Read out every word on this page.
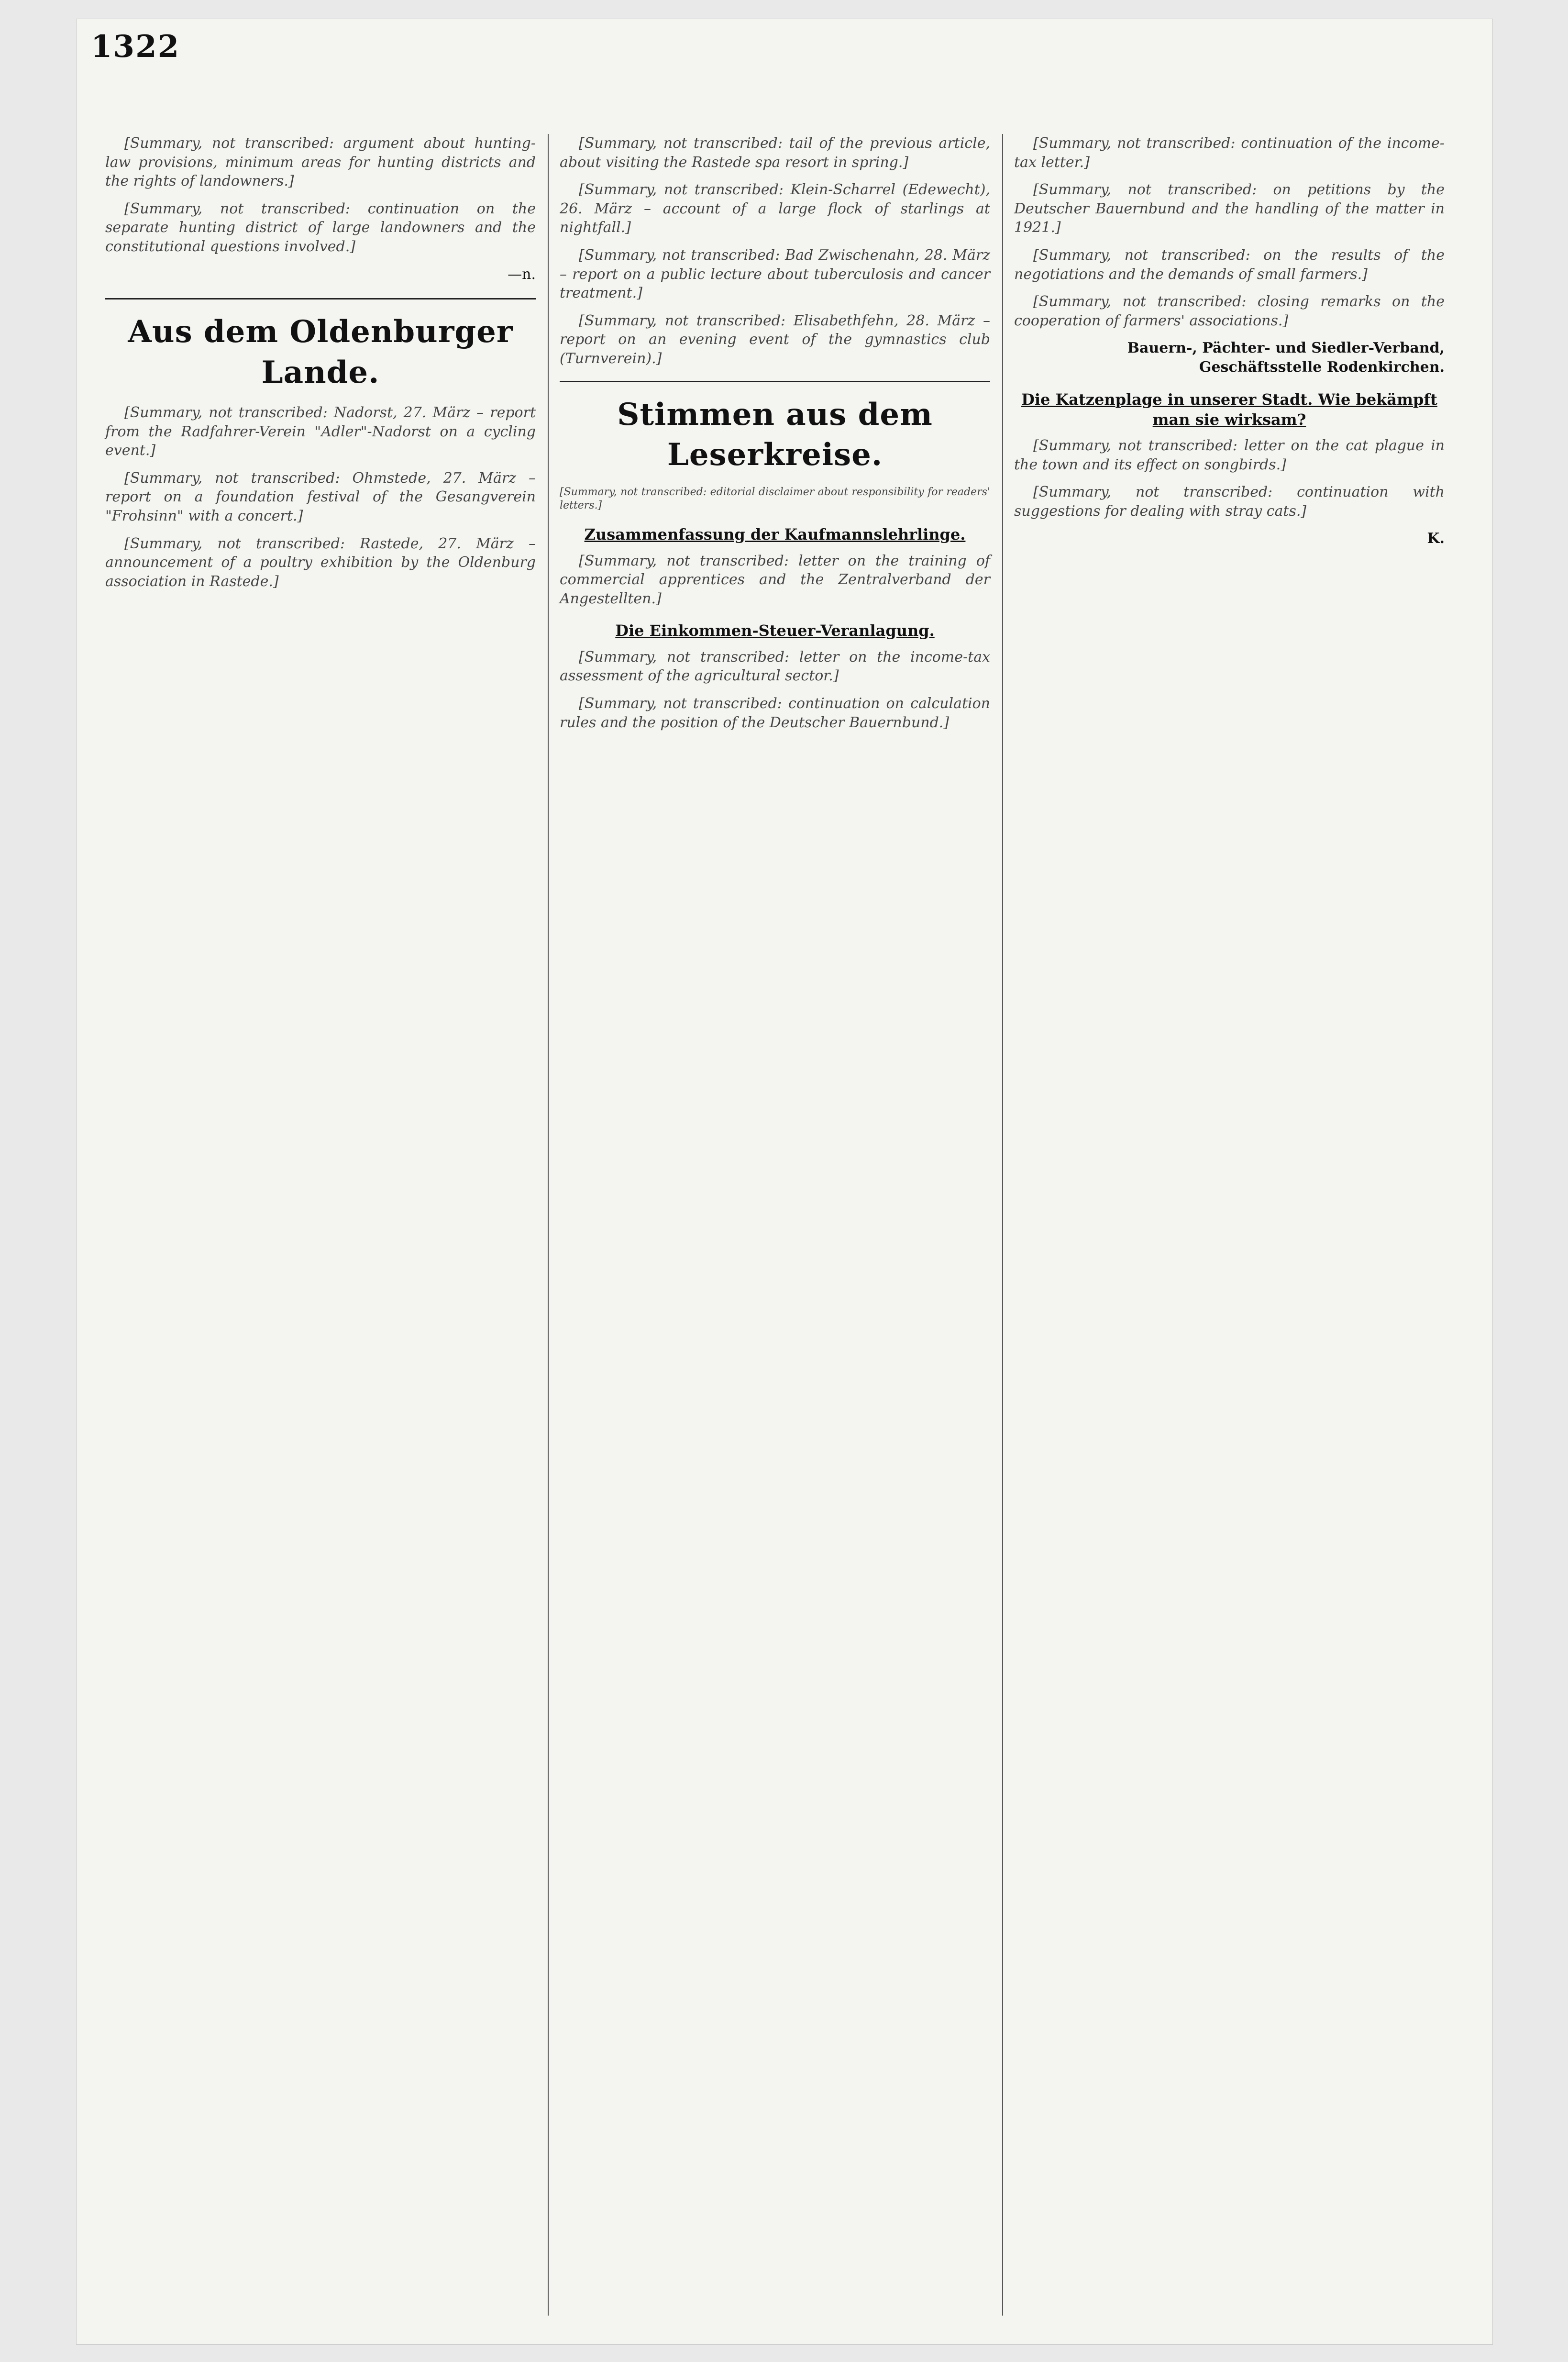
1322

[Summary, not transcribed: argument about hunting-law provisions, minimum areas for hunting districts and the rights of landowners.]

[Summary, not transcribed: continuation on the separate hunting district of large landowners and the constitutional questions involved.]

—n.
Aus dem Oldenburger Lande.

[Summary, not transcribed: Nadorst, 27. März – report from the Radfahrer-Verein "Adler"-Nadorst on a cycling event.]

[Summary, not transcribed: Ohmstede, 27. März – report on a foundation festival of the Gesangverein "Frohsinn" with a concert.]

[Summary, not transcribed: Rastede, 27. März – announcement of a poultry exhibition by the Oldenburg association in Rastede.]

[Summary, not transcribed: tail of the previous article, about visiting the Rastede spa resort in spring.]

[Summary, not transcribed: Klein-Scharrel (Edewecht), 26. März – account of a large flock of starlings at nightfall.]

[Summary, not transcribed: Bad Zwischenahn, 28. März – report on a public lecture about tuberculosis and cancer treatment.]

[Summary, not transcribed: Elisabethfehn, 28. März – report on an evening event of the gymnastics club (Turnverein).]

Stimmen aus dem Leserkreise.
[Summary, not transcribed: editorial disclaimer about responsibility for readers' letters.]
Zusammenfassung der Kaufmannslehrlinge.

[Summary, not transcribed: letter on the training of commercial apprentices and the Zentralverband der Angestellten.]

Die Einkommen-Steuer-Veranlagung.

[Summary, not transcribed: letter on the income-tax assessment of the agricultural sector.]

[Summary, not transcribed: continuation on calculation rules and the position of the Deutscher Bauernbund.]

[Summary, not transcribed: continuation of the income-tax letter.]

[Summary, not transcribed: on petitions by the Deutscher Bauernbund and the handling of the matter in 1921.]

[Summary, not transcribed: on the results of the negotiations and the demands of small farmers.]

[Summary, not transcribed: closing remarks on the cooperation of farmers' associations.]

Bauern-, Pächter- und Siedler-Verband, Geschäftsstelle Rodenkirchen.
Die Katzenplage in unserer Stadt. Wie bekämpft man sie wirksam?

[Summary, not transcribed: letter on the cat plague in the town and its effect on songbirds.]

[Summary, not transcribed: continuation with suggestions for dealing with stray cats.]

K.
